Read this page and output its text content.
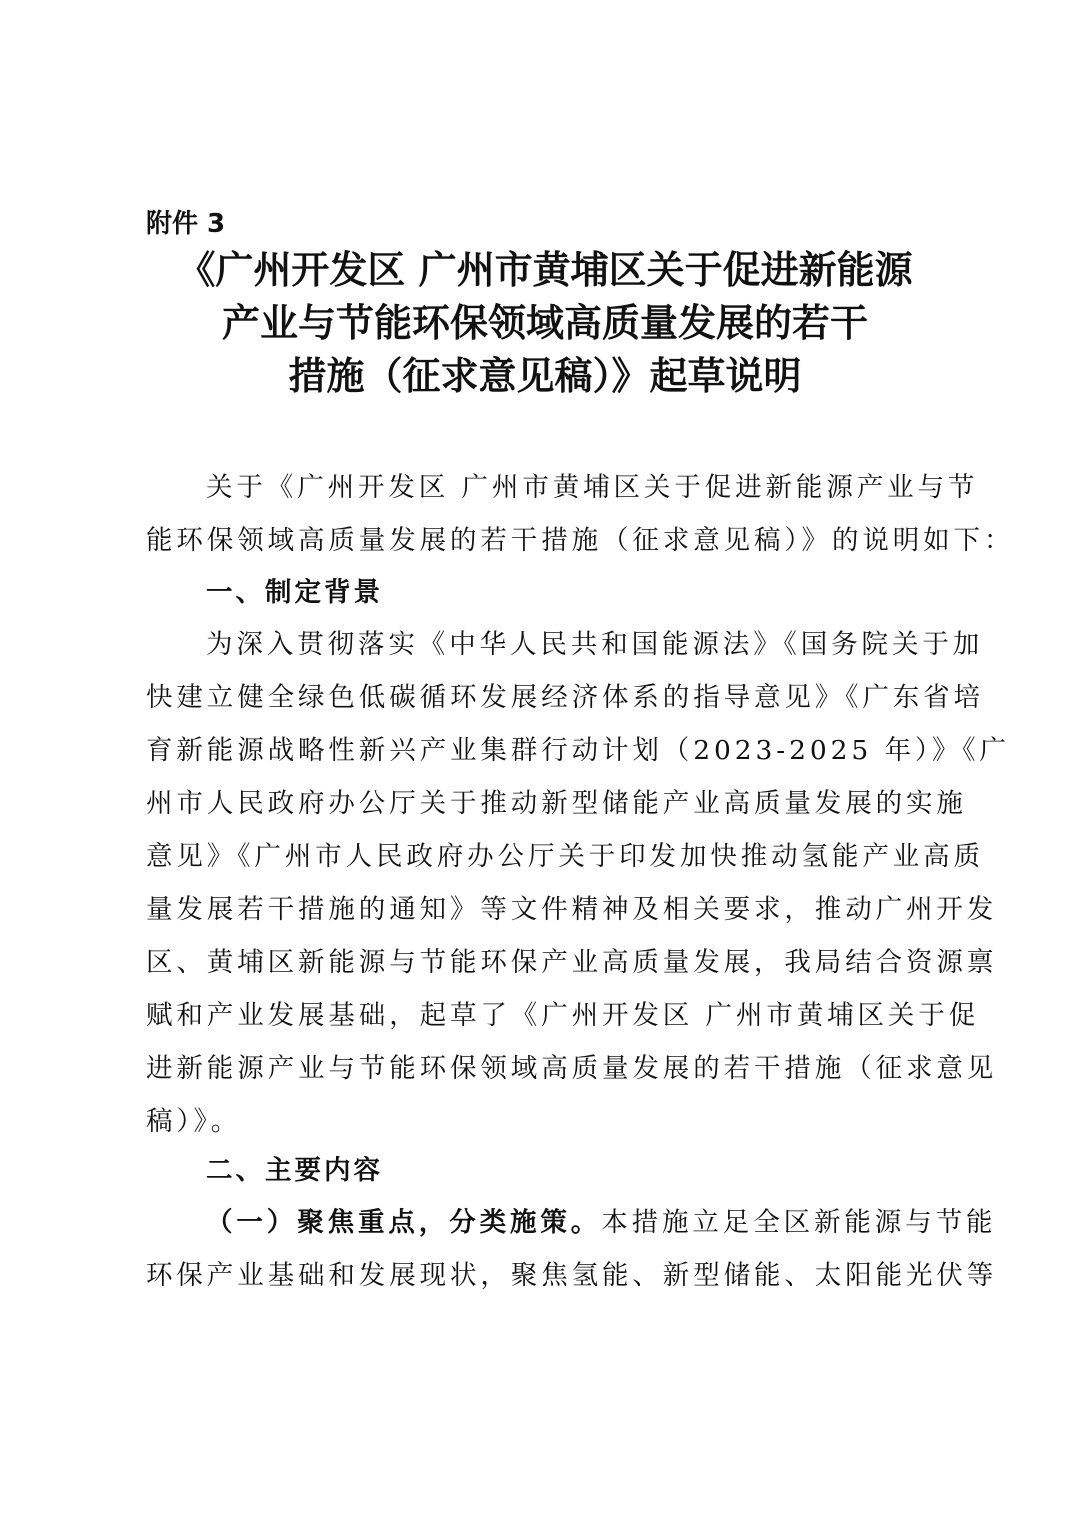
附件 3
《广州开发区 广州市黄埔区关于促进新能源
产业与节能环保领域高质量发展的若干
措施（征求意见稿）》起草说明
关于《广州开发区 广州市黄埔区关于促进新能源产业与节
能环保领域高质量发展的若干措施（征求意见稿）》的说明如下：
一、制定背景
为深入贯彻落实《中华人民共和国能源法》《国务院关于加
快建立健全绿色低碳循环发展经济体系的指导意见》《广东省培
育新能源战略性新兴产业集群行动计划（2023-2025 年）》《广
州市人民政府办公厅关于推动新型储能产业高质量发展的实施
意见》《广州市人民政府办公厅关于印发加快推动氢能产业高质
量发展若干措施的通知》等文件精神及相关要求，推动广州开发
区、黄埔区新能源与节能环保产业高质量发展，我局结合资源禀
赋和产业发展基础，起草了《广州开发区 广州市黄埔区关于促
进新能源产业与节能环保领域高质量发展的若干措施（征求意见
稿）》。
二、主要内容
（一）聚焦重点，分类施策。本措施立足全区新能源与节能
环保产业基础和发展现状，聚焦氢能、新型储能、太阳能光伏等
